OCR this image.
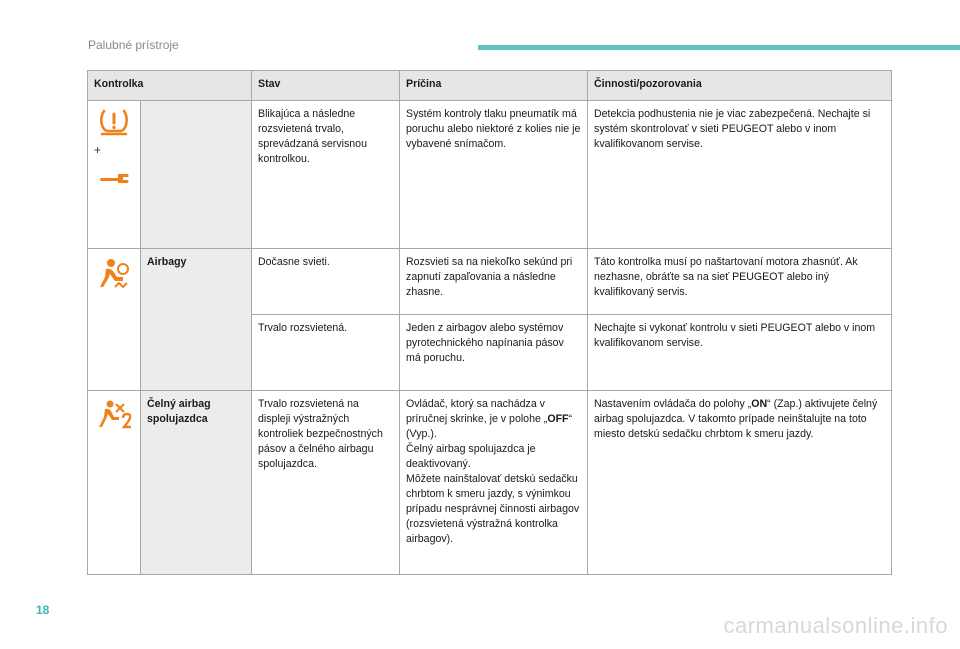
Palubné prístroje
Kontrolka		Stav	Príčina	Činnosti/pozorovania

+		Blikajúca a následne rozsvietená trvalo, sprevádzaná servisnou kontrolkou.	Systém kontroly tlaku pneumatík má poruchu alebo niektoré z kolies nie je vybavené snímačom.	Detekcia podhustenia nie je viac zabezpečená. Nechajte si systém skontrolovať v sieti PEUGEOT alebo v inom kvalifikovanom servise.

	Airbagy	Dočasne svieti.	Rozsvieti sa na niekoľko sekúnd pri zapnutí zapaľovania a následne zhasne.	Táto kontrolka musí po naštartovaní motora zhasnúť. Ak nezhasne, obráťte sa na sieť PEUGEOT alebo iný kvalifikovaný servis.
		Trvalo rozsvietená.	Jeden z airbagov alebo systémov pyrotechnického napínania pásov má poruchu.	Nechajte si vykonať kontrolu v sieti PEUGEOT alebo v inom kvalifikovanom servise.

	Čelný airbag spolujazdca	Trvalo rozsvietená na displeji výstražných kontroliek bezpečnostných pásov a čelného airbagu spolujazdca.	Ovládač, ktorý sa nachádza v príručnej skrinke, je v polohe „OFF“ (Vyp.).
Čelný airbag spolujazdca je deaktivovaný.
Môžete nainštalovať detskú sedačku chrbtom k smeru jazdy, s výnimkou prípadu nesprávnej činnosti airbagov (rozsvietená výstražná kontrolka airbagov).	Nastavením ovládača do polohy „ON“ (Zap.) aktivujete čelný airbag spolujazdca. V takomto prípade neinštalujte na toto miesto detskú sedačku chrbtom k smeru jazdy.
18
carmanualsonline.info
